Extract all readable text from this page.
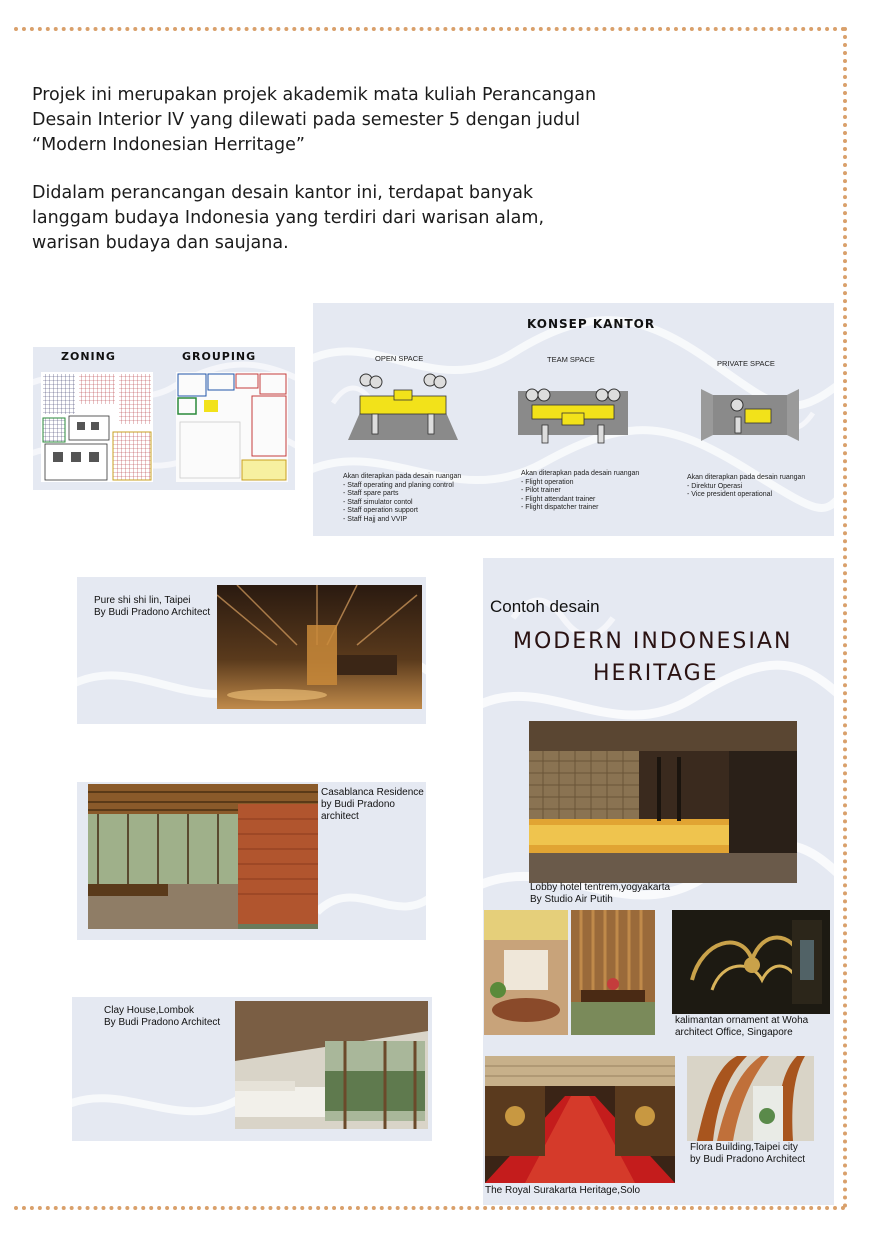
Projek ini merupakan projek akademik mata kuliah Perancangan Desain Interior IV yang dilewati pada semester 5 dengan judul “Modern Indonesian Herritage”

Didalam perancangan desain kantor ini, terdapat banyak langgam budaya Indonesia yang terdiri dari warisan alam, warisan budaya dan saujana.

ZONING	GROUPING
KONSEP KANTOR
OPEN SPACE	TEAM SPACE	PRIVATE SPACE
Akan diterapkan pada desain ruangan
- Staff operating and planing control
- Staff spare parts
- Staff simulator contol
- Staff operation support
- Staff Hajj and VVIP
Akan diterapkan pada desain ruangan
- Flight operation
- Pilot trainer
- Flight attendant trainer
- Flight dispatcher trainer
Akan diterapkan pada desain ruangan
- Direktur Operasi
- Vice president operational
Pure shi shi lin, Taipei
By Budi Pradono Architect
Casablanca Residence
by Budi Pradono
architect
Clay House,Lombok
By Budi Pradono Architect
Contoh desain
MODERN INDONESIAN
HERITAGE
Lobby hotel tentrem,yogyakarta
By Studio Air Putih
kalimantan ornament at Woha
architect Office, Singapore
The Royal Surakarta Heritage,Solo
Flora Building,Taipei city
by Budi Pradono Architect
